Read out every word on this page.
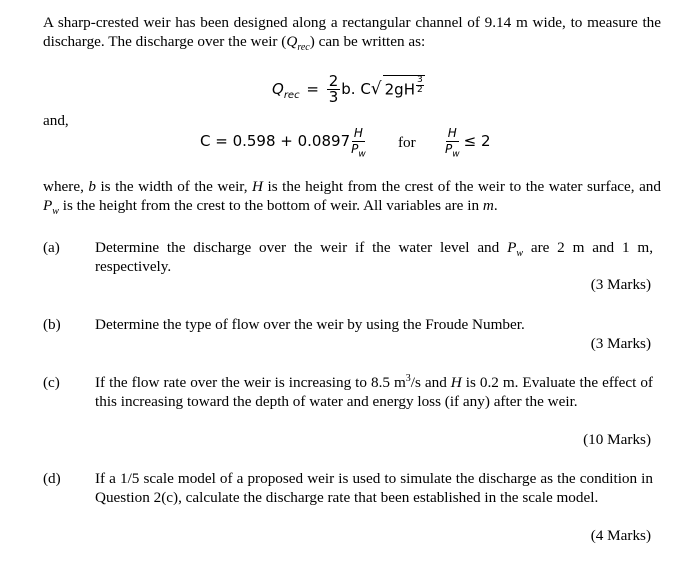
A sharp-crested weir has been designed along a rectangular channel of 9.14 m wide, to measure the discharge. The discharge over the weir $(Q_{rec})$ can be written as:
$Q_{rec} = \frac{2}{3} b$. C√ 2gH $^{\frac{3}{2}}$
and,
$C = 0.598 + 0.0897 \frac{H}{P_w}$ for $\frac{H}{P_w} \le 2$
where, b is the width of the weir, H is the height from the crest of the weir to the water surface, and $P_w$ is the height from the crest to the bottom of weir. All variables are in m.
(a)	Determine the discharge over the weir if the water level and $P_w$ are 2 m and 1 m, respectively.
(3 Marks)
(b)	Determine the type of flow over the weir by using the Froude Number.
(3 Marks)
(c)	If the flow rate over the weir is increasing to 8.5 $m^3/s$ and H is 0.2 m. Evaluate the effect of this increasing toward the depth of water and energy loss (if any) after the weir.
(10 Marks)
(d)	If a 1/5 scale model of a proposed weir is used to simulate the discharge as the condition in Question 2(c), calculate the discharge rate that been established in the scale model.
(4 Marks)
